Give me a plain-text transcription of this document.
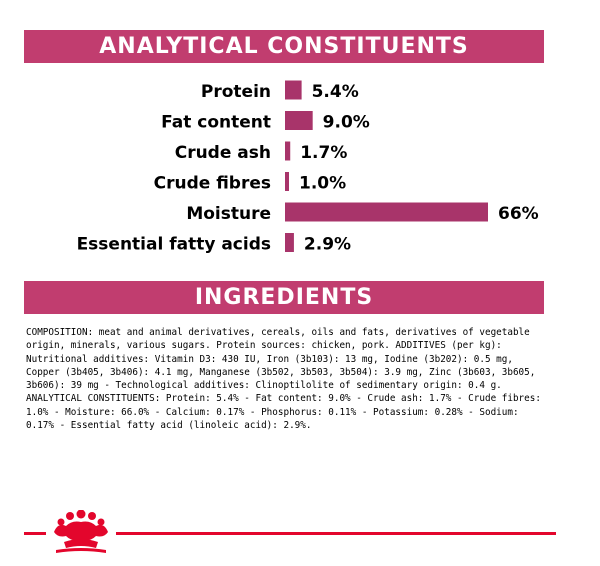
ANALYTICAL CONSTITUENTS
Protein 5.4%
Fat content	9.0%
Crude ash 1.7%
Crude fibres 1.0%
Moisture	66%
Essential fatty acids 2.9%
INGREDIENTS

COMPOSITION: meat and animal derivatives, cereals, oils and fats, derivatives of vegetable origin, minerals, various sugars. Protein sources: chicken, pork. ADDITIVES (per kg): Nutritional additives: Vitamin D3: 430 IU, Iron (3b103): 13 mg, Iodine (3b202): 0.5 mg, Copper (3b405, 3b406): 4.1 mg, Manganese (3b502, 3b503, 3b504): 3.9 mg, Zinc (3b603, 3b605, 3b606): 39 mg - Technological additives: Clinoptilolite of sedimentary origin: 0.4 g. ANALYTICAL CONSTITUENTS: Protein: 5.4% - Fat content: 9.0% - Crude ash: 1.7% - Crude fibres: 1.0% - Moisture: 66.0% - Calcium: 0.17% - Phosphorus: 0.11% - Potassium: 0.28% - Sodium: 0.17% - Essential fatty acid (linoleic acid): 2.9%.
